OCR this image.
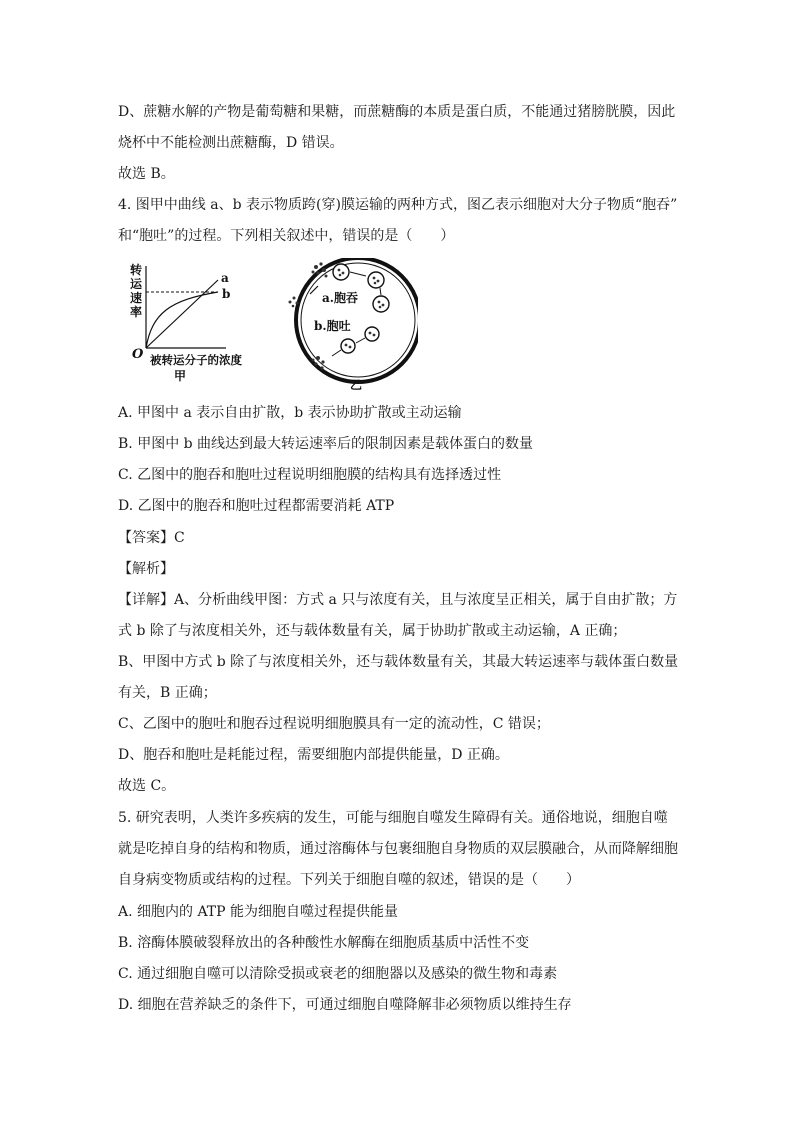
D、蔗糖水解的产物是葡萄糖和果糖，而蔗糖酶的本质是蛋白质，不能通过猪膀胱膜，因此

烧杯中不能检测出蔗糖酶，D 错误。

故选 B。

4. 图甲中曲线 a、b 表示物质跨(穿)膜运输的两种方式，图乙表示细胞对大分子物质“胞吞”

和“胞吐”的过程。下列相关叙述中，错误的是（　　）

转
运
速
率
a
b
O 被转运分子的浓度
甲
a.胞吞
b.胞吐
乙

A. 甲图中 a 表示自由扩散，b 表示协助扩散或主动运输

B. 甲图中 b 曲线达到最大转运速率后的限制因素是载体蛋白的数量

C. 乙图中的胞吞和胞吐过程说明细胞膜的结构具有选择透过性

D. 乙图中的胞吞和胞吐过程都需要消耗 ATP

【答案】C

【解析】

【详解】A、分析曲线甲图：方式 a 只与浓度有关，且与浓度呈正相关，属于自由扩散；方

式 b 除了与浓度相关外，还与载体数量有关，属于协助扩散或主动运输，A 正确；

B、甲图中方式 b 除了与浓度相关外，还与载体数量有关，其最大转运速率与载体蛋白数量

有关，B 正确；

C、乙图中的胞吐和胞吞过程说明细胞膜具有一定的流动性，C 错误；

D、胞吞和胞吐是耗能过程，需要细胞内部提供能量，D 正确。

故选 C。

5. 研究表明，人类许多疾病的发生，可能与细胞自噬发生障碍有关。通俗地说，细胞自噬

就是吃掉自身的结构和物质，通过溶酶体与包裹细胞自身物质的双层膜融合，从而降解细胞

自身病变物质或结构的过程。下列关于细胞自噬的叙述，错误的是（　　）

A. 细胞内的 ATP 能为细胞自噬过程提供能量

B. 溶酶体膜破裂释放出的各种酸性水解酶在细胞质基质中活性不变

C. 通过细胞自噬可以清除受损或衰老的细胞器以及感染的微生物和毒素

D. 细胞在营养缺乏的条件下，可通过细胞自噬降解非必须物质以维持生存
